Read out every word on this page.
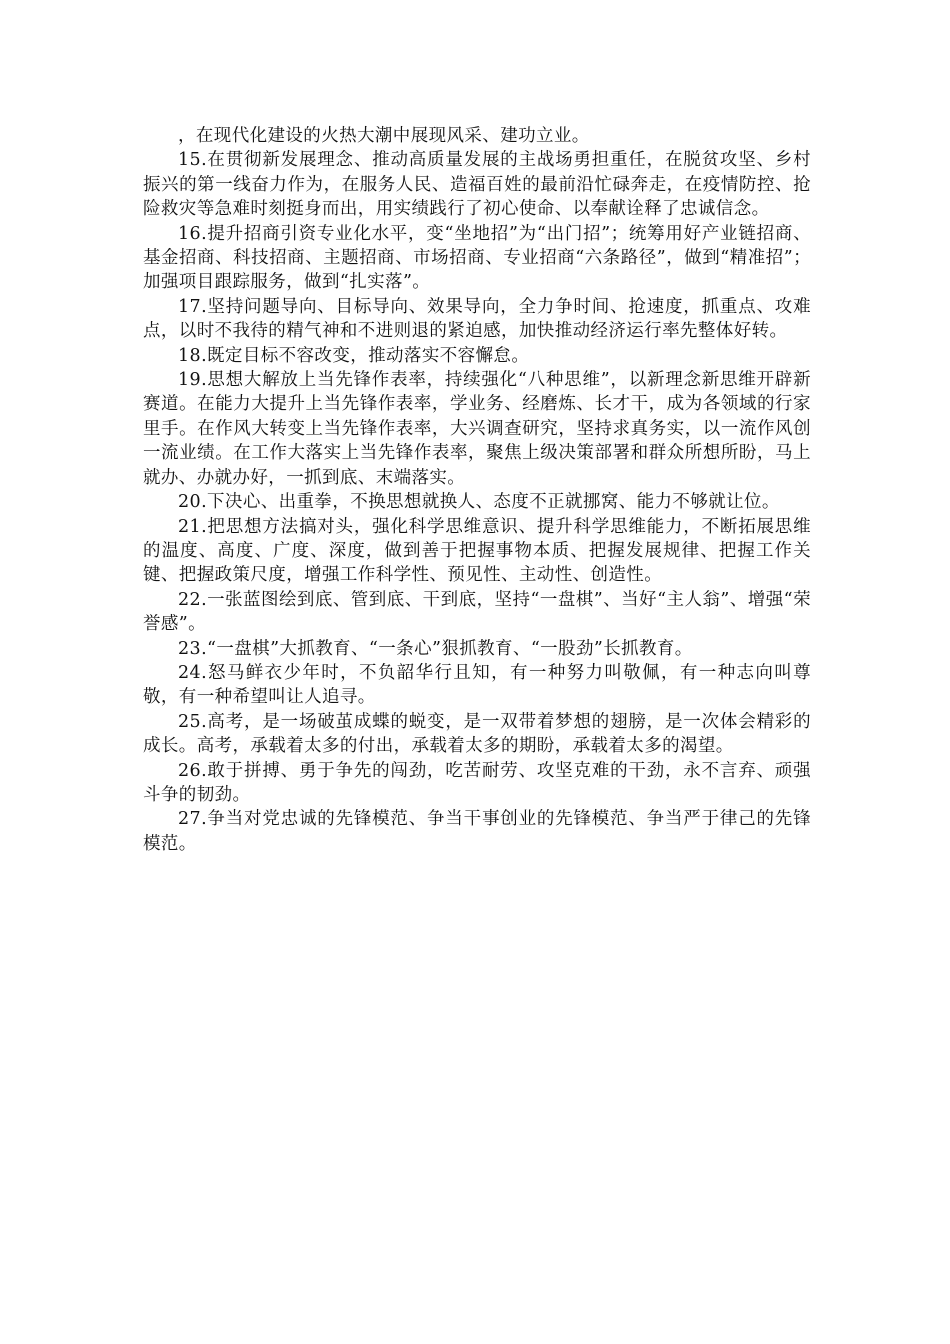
，在现代化建设的火热大潮中展现风采、建功立业。

15.在贯彻新发展理念、推动高质量发展的主战场勇担重任，在脱贫攻坚、乡村振兴的第一线奋力作为，在服务人民、造福百姓的最前沿忙碌奔走，在疫情防控、抢险救灾等急难时刻挺身而出，用实绩践行了初心使命、以奉献诠释了忠诚信念。

16.提升招商引资专业化水平，变“坐地招”为“出门招”；统筹用好产业链招商、基金招商、科技招商、主题招商、市场招商、专业招商“六条路径”，做到“精准招”；加强项目跟踪服务，做到“扎实落”。

17.坚持问题导向、目标导向、效果导向，全力争时间、抢速度，抓重点、攻难点，以时不我待的精气神和不进则退的紧迫感，加快推动经济运行率先整体好转。

18.既定目标不容改变，推动落实不容懈怠。

19.思想大解放上当先锋作表率，持续强化“八种思维”，以新理念新思维开辟新赛道。在能力大提升上当先锋作表率，学业务、经磨炼、长才干，成为各领域的行家里手。在作风大转变上当先锋作表率，大兴调查研究，坚持求真务实，以一流作风创一流业绩。在工作大落实上当先锋作表率，聚焦上级决策部署和群众所想所盼，马上就办、办就办好，一抓到底、末端落实。

20.下决心、出重拳，不换思想就换人、态度不正就挪窝、能力不够就让位。

21.把思想方法搞对头，强化科学思维意识、提升科学思维能力，不断拓展思维的温度、高度、广度、深度，做到善于把握事物本质、把握发展规律、把握工作关键、把握政策尺度，增强工作科学性、预见性、主动性、创造性。

22.一张蓝图绘到底、管到底、干到底，坚持“一盘棋”、当好“主人翁”、增强“荣誉感”。

23.“一盘棋”大抓教育、“一条心”狠抓教育、“一股劲”长抓教育。

24.怒马鲜衣少年时，不负韶华行且知，有一种努力叫敬佩，有一种志向叫尊敬，有一种希望叫让人追寻。

25.高考，是一场破茧成蝶的蜕变，是一双带着梦想的翅膀，是一次体会精彩的成长。高考，承载着太多的付出，承载着太多的期盼，承载着太多的渴望。

26.敢于拼搏、勇于争先的闯劲，吃苦耐劳、攻坚克难的干劲，永不言弃、顽强斗争的韧劲。

27.争当对党忠诚的先锋模范、争当干事创业的先锋模范、争当严于律己的先锋模范。
